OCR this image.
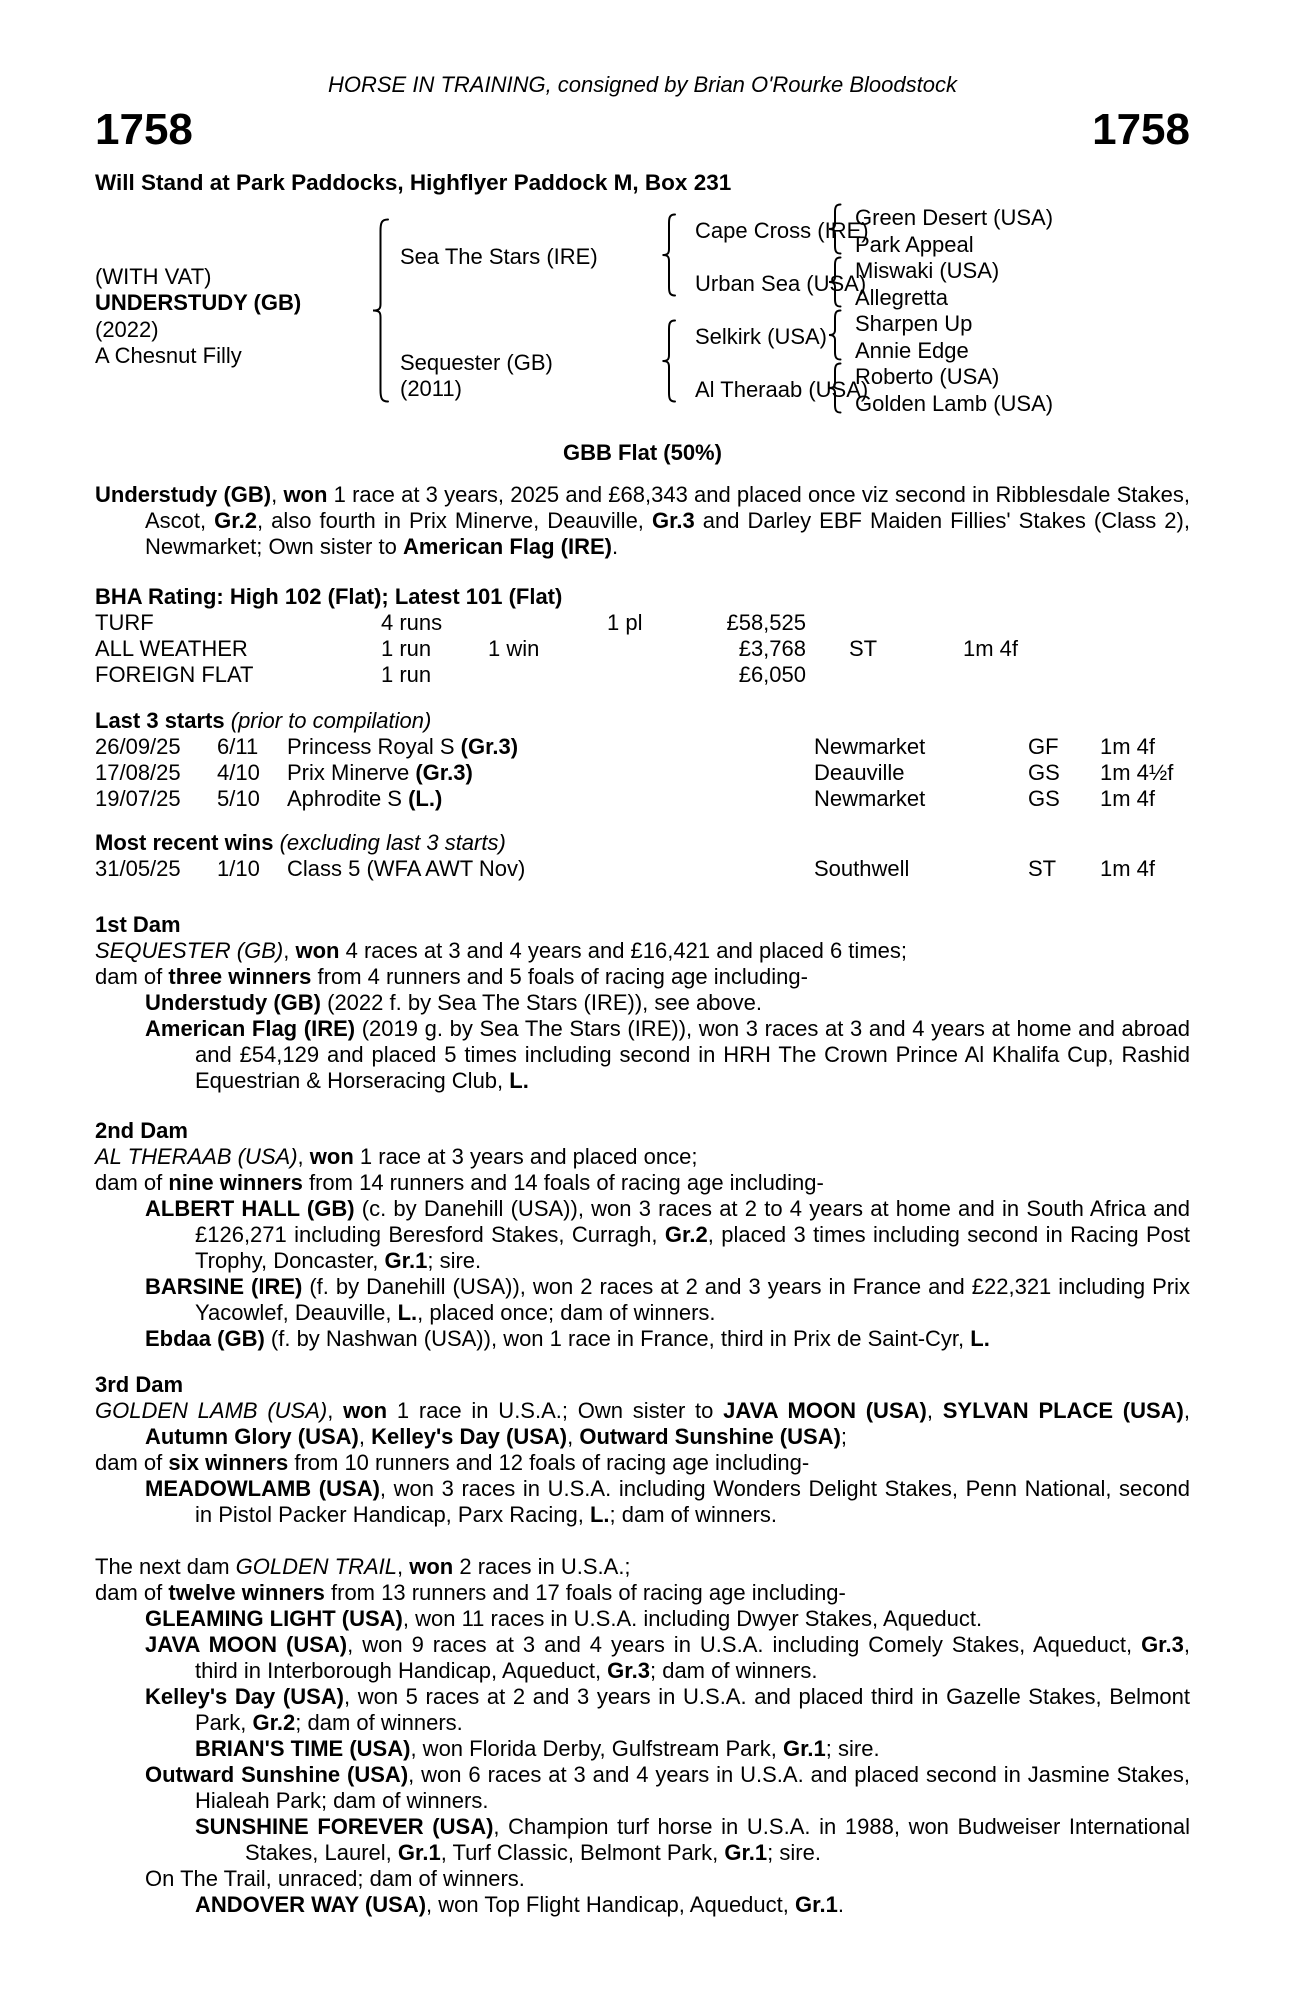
HORSE IN TRAINING, consigned by Brian O'Rourke Bloodstock
1758	1758
Will Stand at Park Paddocks, Highflyer Paddock M, Box 231
(WITH VAT)
UNDERSTUDY (GB)
(2022)
A Chesnut Filly
Sea The Stars (IRE)
Sequester (GB)
(2011)
Cape Cross (IRE)
Urban Sea (USA)
Selkirk (USA)
Al Theraab (USA)
Green Desert (USA)
Park Appeal
Miswaki (USA)
Allegretta
Sharpen Up
Annie Edge
Roberto (USA)
Golden Lamb (USA)
GBB Flat (50%)

Understudy (GB), won 1 race at 3 years, 2025 and £68,343 and placed once viz second in Ribblesdale Stakes, Ascot, Gr.2, also fourth in Prix Minerve, Deauville, Gr.3 and Darley EBF Maiden Fillies' Stakes (Class 2), Newmarket; Own sister to American Flag (IRE).

BHA Rating: High 102 (Flat); Latest 101 (Flat)
TURF	4 runs	1 pl	£58,525
ALL WEATHER	1 run	1 win	£3,768	ST	1m 4f
FOREIGN FLAT	1 run	£6,050
Last 3 starts (prior to compilation)
26/09/25	6/11	Princess Royal S (Gr.3)	Newmarket	GF	1m 4f
17/08/25	4/10	Prix Minerve (Gr.3)	Deauville	GS	1m 4½f
19/07/25	5/10	Aphrodite S (L.)	Newmarket	GS	1m 4f
Most recent wins (excluding last 3 starts)
31/05/25	1/10	Class 5 (WFA AWT Nov)	Southwell	ST	1m 4f
1st Dam

SEQUESTER (GB), won 4 races at 3 and 4 years and £16,421 and placed 6 times;

dam of three winners from 4 runners and 5 foals of racing age including-

Understudy (GB) (2022 f. by Sea The Stars (IRE)), see above.

American Flag (IRE) (2019 g. by Sea The Stars (IRE)), won 3 races at 3 and 4 years at home and abroad and £54,129 and placed 5 times including second in HRH The Crown Prince Al Khalifa Cup, Rashid Equestrian & Horseracing Club, L.

2nd Dam

AL THERAAB (USA), won 1 race at 3 years and placed once;

dam of nine winners from 14 runners and 14 foals of racing age including-

ALBERT HALL (GB) (c. by Danehill (USA)), won 3 races at 2 to 4 years at home and in South Africa and £126,271 including Beresford Stakes, Curragh, Gr.2, placed 3 times including second in Racing Post Trophy, Doncaster, Gr.1; sire.

BARSINE (IRE) (f. by Danehill (USA)), won 2 races at 2 and 3 years in France and £22,321 including Prix Yacowlef, Deauville, L., placed once; dam of winners.

Ebdaa (GB) (f. by Nashwan (USA)), won 1 race in France, third in Prix de Saint-Cyr, L.

3rd Dam

GOLDEN LAMB (USA), won 1 race in U.S.A.; Own sister to JAVA MOON (USA), SYLVAN PLACE (USA), Autumn Glory (USA), Kelley's Day (USA), Outward Sunshine (USA);

dam of six winners from 10 runners and 12 foals of racing age including-

MEADOWLAMB (USA), won 3 races in U.S.A. including Wonders Delight Stakes, Penn National, second in Pistol Packer Handicap, Parx Racing, L.; dam of winners.

The next dam GOLDEN TRAIL, won 2 races in U.S.A.;

dam of twelve winners from 13 runners and 17 foals of racing age including-

GLEAMING LIGHT (USA), won 11 races in U.S.A. including Dwyer Stakes, Aqueduct.

JAVA MOON (USA), won 9 races at 3 and 4 years in U.S.A. including Comely Stakes, Aqueduct, Gr.3, third in Interborough Handicap, Aqueduct, Gr.3; dam of winners.

Kelley's Day (USA), won 5 races at 2 and 3 years in U.S.A. and placed third in Gazelle Stakes, Belmont Park, Gr.2; dam of winners.

BRIAN'S TIME (USA), won Florida Derby, Gulfstream Park, Gr.1; sire.

Outward Sunshine (USA), won 6 races at 3 and 4 years in U.S.A. and placed second in Jasmine Stakes, Hialeah Park; dam of winners.

SUNSHINE FOREVER (USA), Champion turf horse in U.S.A. in 1988, won Budweiser International Stakes, Laurel, Gr.1, Turf Classic, Belmont Park, Gr.1; sire.

On The Trail, unraced; dam of winners.

ANDOVER WAY (USA), won Top Flight Handicap, Aqueduct, Gr.1.
